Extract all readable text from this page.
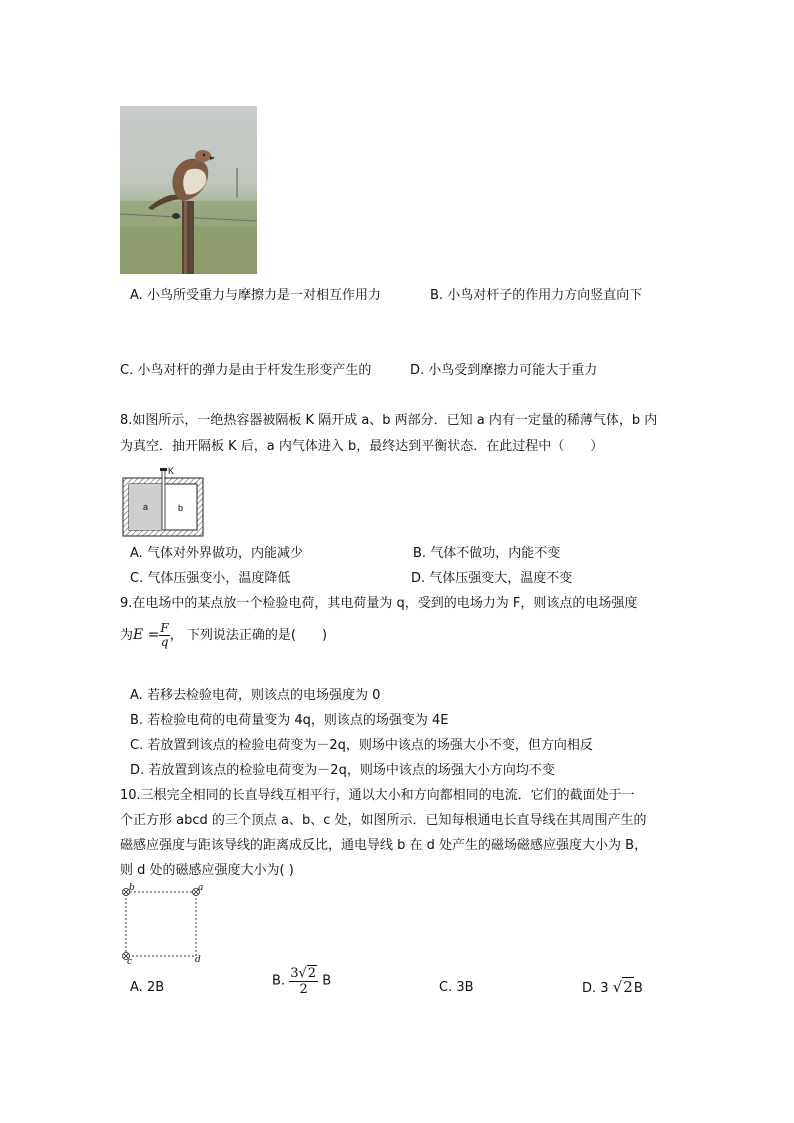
A. 小鸟所受重力与摩擦力是一对相互作用力	B. 小鸟对杆子的作用力方向竖直向下
C. 小鸟对杆的弹力是由于杆发生形变产生的	D. 小鸟受到摩擦力可能大于重力
8.如图所示，一绝热容器被隔板 K 隔开成 a、b 两部分．已知 a 内有一定量的稀薄气体，b 内
为真空．抽开隔板 K 后，a 内气体进入 b，最终达到平衡状态．在此过程中（　　）
K
a	b
A. 气体对外界做功，内能减少	B. 气体不做功，内能不变
C. 气体压强变小，温度降低	D. 气体压强变大，温度不变
9.在电场中的某点放一个检验电荷，其电荷量为 q，受到的电场力为 F，则该点的电场强度
为$E = \frac{F}{q}$ ， 下列说法正确的是(　　)
A. 若移去检验电荷，则该点的电场强度为 0
B. 若检验电荷的电荷量变为 4q，则该点的场强变为 4E
C. 若放置到该点的检验电荷变为－2q，则场中该点的场强大小不变，但方向相反
D. 若放置到该点的检验电荷变为－2q，则场中该点的场强大小方向均不变
10.三根完全相同的长直导线互相平行，通以大小和方向都相同的电流．它们的截面处于一
个正方形 abcd 的三个顶点 a、b、c 处，如图所示．已知每根通电长直导线在其周围产生的
磁感应强度与距该导线的距离成反比，通电导线 b 在 d 处产生的磁场磁感应强度大小为 B，
则 d 处的磁感应强度大小为( )
b	a
c	d
A. 2B	B. $\frac{3√2}{2}$ B	C. 3B	D. 3 √2B
